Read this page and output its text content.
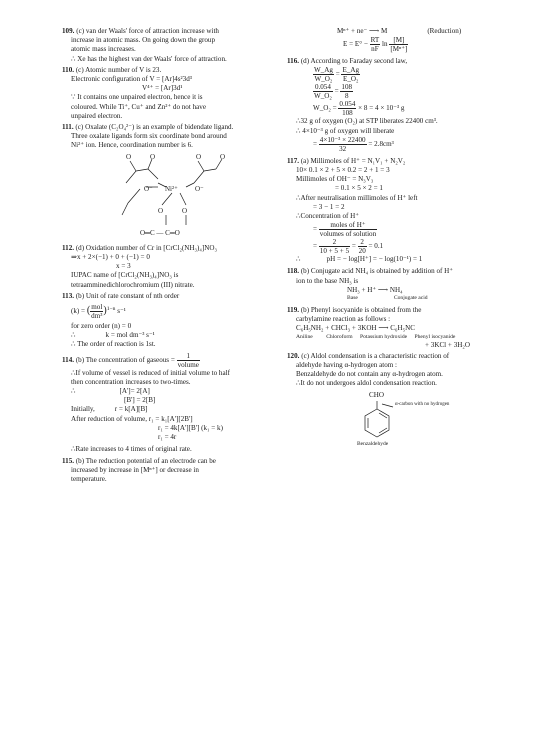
109. (c) van der Waals' force of attraction increase with
increase in atomic mass. On going down the group
atomic mass increases.
∴ Xe has the highest van der Waals' force of attraction.
110. (c) Atomic number of V is 23.
Electronic configuration of V = [Ar]4s²3d³
V⁴⁺ = [Ar]3d¹
∵ It contains one unpaired electron, hence it is
coloured. While Ti⁺, Cu⁺ and Zn²⁺ do not have
unpaired electron.
111. (c) Oxalate (C₂O₄²⁻) is an example of bidendate ligand.
Three oxalate ligands form six coordinate bond around
Ni²⁺ ion. Hence, coordination number is 6.
O	O	O	O
O⁻ Ni²⁺ O⁻
O	O
O═C — C═O
112. (d) Oxidation number of Cr in [CrCl₂(NH₃)₄]NO₃
⇒x + 2×(−1) + 0 + (−1) = 0
x = 3
IUPAC name of [CrCl₂(NH₃)₄]NO₃ is
tetraamminedichlorochromium (III) nitrate.
113. (b) Unit of rate constant of nth order
(k) = ( $\frac{\text{mol}}{\text{dm³}} )^{1-n}$ s⁻¹
for zero order (n) = 0
∴	k = mol dm⁻³ s⁻¹
∴ The order of reaction is 1st.
114. (b) The concentration of gaseous = $\frac{1}{\text{volume}}$
∴If volume of vessel is reduced of initial volume to half
then concentration increases to two-times.
∴	[A']= 2[A]
[B'] = 2[B]
Initially,	r = k[A][B]
After reduction of volume, r₁ = k₁[A'][2B']
r₁ = 4k[A'][B'] (k₁ = k)
r₁ = 4r
∴Rate increases to 4 times of original rate.
115. (b) The reduction potential of an electrode can be
increased by increase in [Mⁿ⁺] or decrease in
temperature.
Mⁿ⁺ + ne⁻ ⟶ M	(Reduction)
$E = E^\circ - \frac{RT}{nF}$ $\ln \frac{[M]}{\text{[Mⁿ⁺]}}$
116. (d) According to Faraday second law,
$\frac{W\_Ag}{\text{W\_O₂}} = \frac{E\_Ag}{\text{E\_O₂}}$
$\frac{0.054}{\text{W\_O₂}} = \frac{108}{8}$
W_O₂ = $\frac{0.054}{108} \times 8 = 4 \times 10^{-3}$ g
∴32 g of oxygen (O₂) at STP liberates 22400 cm³.
∴ 4×10⁻³ g of oxygen will liberate
= $\frac{\text{4×10⁻³ × 22400}}{32} = 2.8cm^3$
117. (a) Millimoles of H⁺ = N₁V₁ + N₂V₂
10× 0.1 × 2 + 5 × 0.2 = 2 + 1 = 3
Millimoles of OH⁻ = N₃V₃
= 0.1 × 5 × 2 = 1
∴After neutralisation millimoles of H⁺ left
= 3 − 1 = 2
∴Concentration of H⁺
= $\frac{\text{moles of H⁺}}{\text{volumes of solution}}$
= $\frac{2}{10 + 5 + 5} = \frac{2}{20} = 0.1$
∴	pH = − log[H⁺] = − log(10⁻¹) = 1
118. (b) Conjugate acid NH₄ is obtained by addition of H⁺
ion to the base NH₃ is
NH₃ + H⁺ ⟶ NH₄
Base	Conjugate acid
119. (b) Phenyl isocyanide is obtained from the
carbylamine reaction as follows :
C₆H₅NH₂ + CHCl₃ + 3KOH ⟶ C₆H₅NC
Aniline Chloroform Potassium hydroxide Phenyl isocyanide
+ 3KCl + 3H₂O
120. (c) Aldol condensation is a characteristic reaction of
aldehyde having α-hydrogen atom :
Benzaldehyde do not contain any α-hydrogen atom.
∴It do not undergoes aldol condensation reaction.
CHO
α-carbon with no hydrogen
Benzaldehyde
